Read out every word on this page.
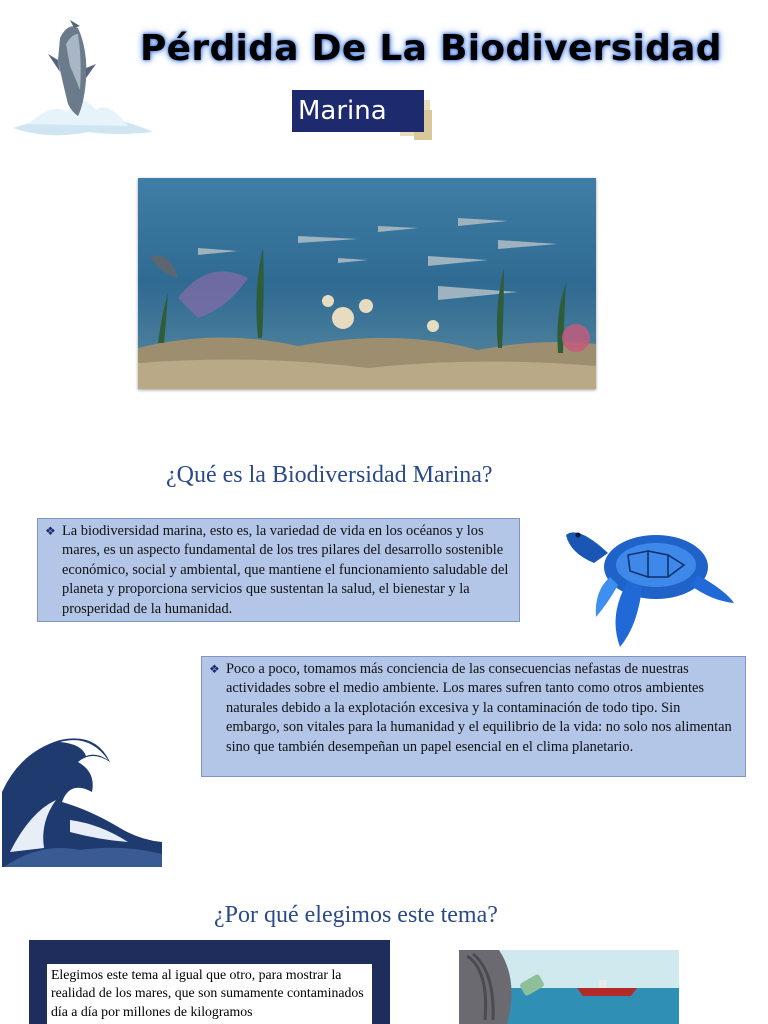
Pérdida De La Biodiversidad
Marina
¿Qué es la Biodiversidad Marina?
❖ La biodiversidad marina, esto es, la variedad de vida en los océanos y los mares, es un aspecto fundamental de los tres pilares del desarrollo sostenible económico, social y ambiental, que mantiene el funcionamiento saludable del planeta y proporciona servicios que sustentan la salud, el bienestar y la prosperidad de la humanidad.
❖ Poco a poco, tomamos más conciencia de las consecuencias nefastas de nuestras actividades sobre el medio ambiente. Los mares sufren tanto como otros ambientes naturales debido a la explotación excesiva y la contaminación de todo tipo. Sin embargo, son vitales para la humanidad y el equilibrio de la vida: no solo nos alimentan sino que también desempeñan un papel esencial en el clima planetario.
¿Por qué elegimos este tema?
Elegimos este tema al igual que otro, para mostrar la realidad de los mares, que son sumamente contaminados día a día por millones de kilogramos
